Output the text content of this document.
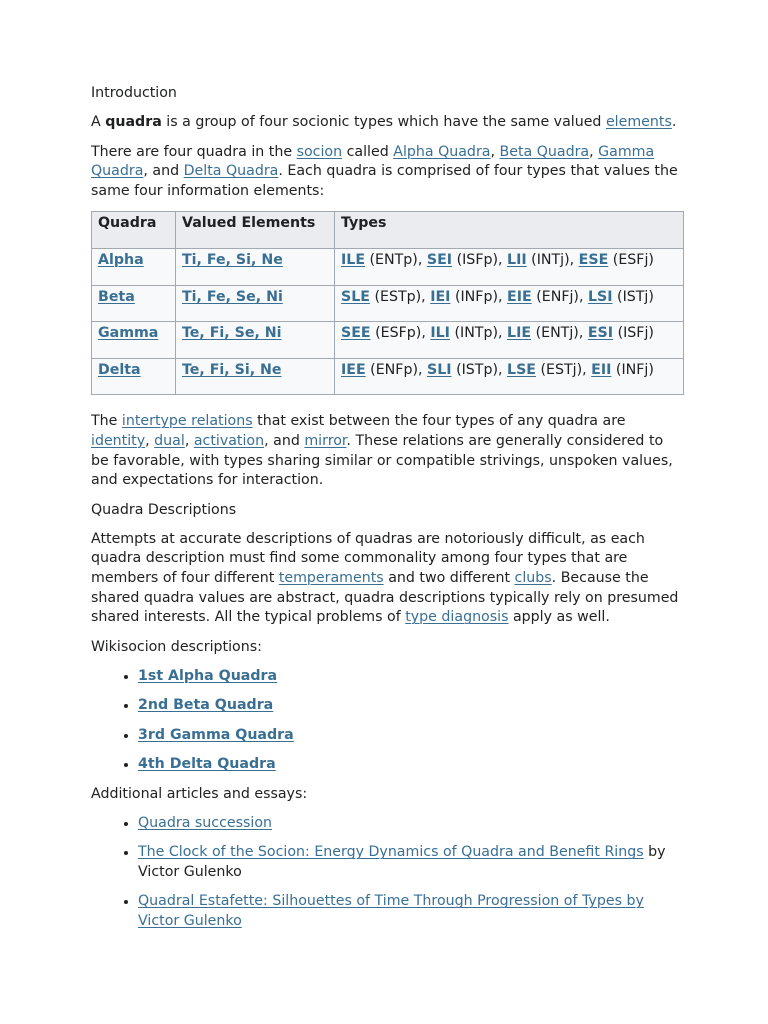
Introduction

A quadra is a group of four socionic types which have the same valued elements.

There are four quadra in the socion called Alpha Quadra, Beta Quadra, Gamma Quadra, and Delta Quadra. Each quadra is comprised of four types that values the same four information elements:

Quadra	Valued Elements	Types
Alpha	Ti, Fe, Si, Ne	ILE (ENTp), SEI (ISFp), LII (INTj), ESE (ESFj)
Beta	Ti, Fe, Se, Ni	SLE (ESTp), IEI (INFp), EIE (ENFj), LSI (ISTj)
Gamma	Te, Fi, Se, Ni	SEE (ESFp), ILI (INTp), LIE (ENTj), ESI (ISFj)
Delta	Te, Fi, Si, Ne	IEE (ENFp), SLI (ISTp), LSE (ESTj), EII (INFj)

The intertype relations that exist between the four types of any quadra are identity, dual, activation, and mirror. These relations are generally considered to be favorable, with types sharing similar or compatible strivings, unspoken values, and expectations for interaction.

Quadra Descriptions

Attempts at accurate descriptions of quadras are notoriously difficult, as each quadra description must find some commonality among four types that are members of four different temperaments and two different clubs. Because the shared quadra values are abstract, quadra descriptions typically rely on presumed shared interests. All the typical problems of type diagnosis apply as well.

Wikisocion descriptions:

• 1st Alpha Quadra
• 2nd Beta Quadra
• 3rd Gamma Quadra
• 4th Delta Quadra

Additional articles and essays:

• Quadra succession
• The Clock of the Socion: Energy Dynamics of Quadra and Benefit Rings by Victor Gulenko
• Quadral Estafette: Silhouettes of Time Through Progression of Types by Victor Gulenko
